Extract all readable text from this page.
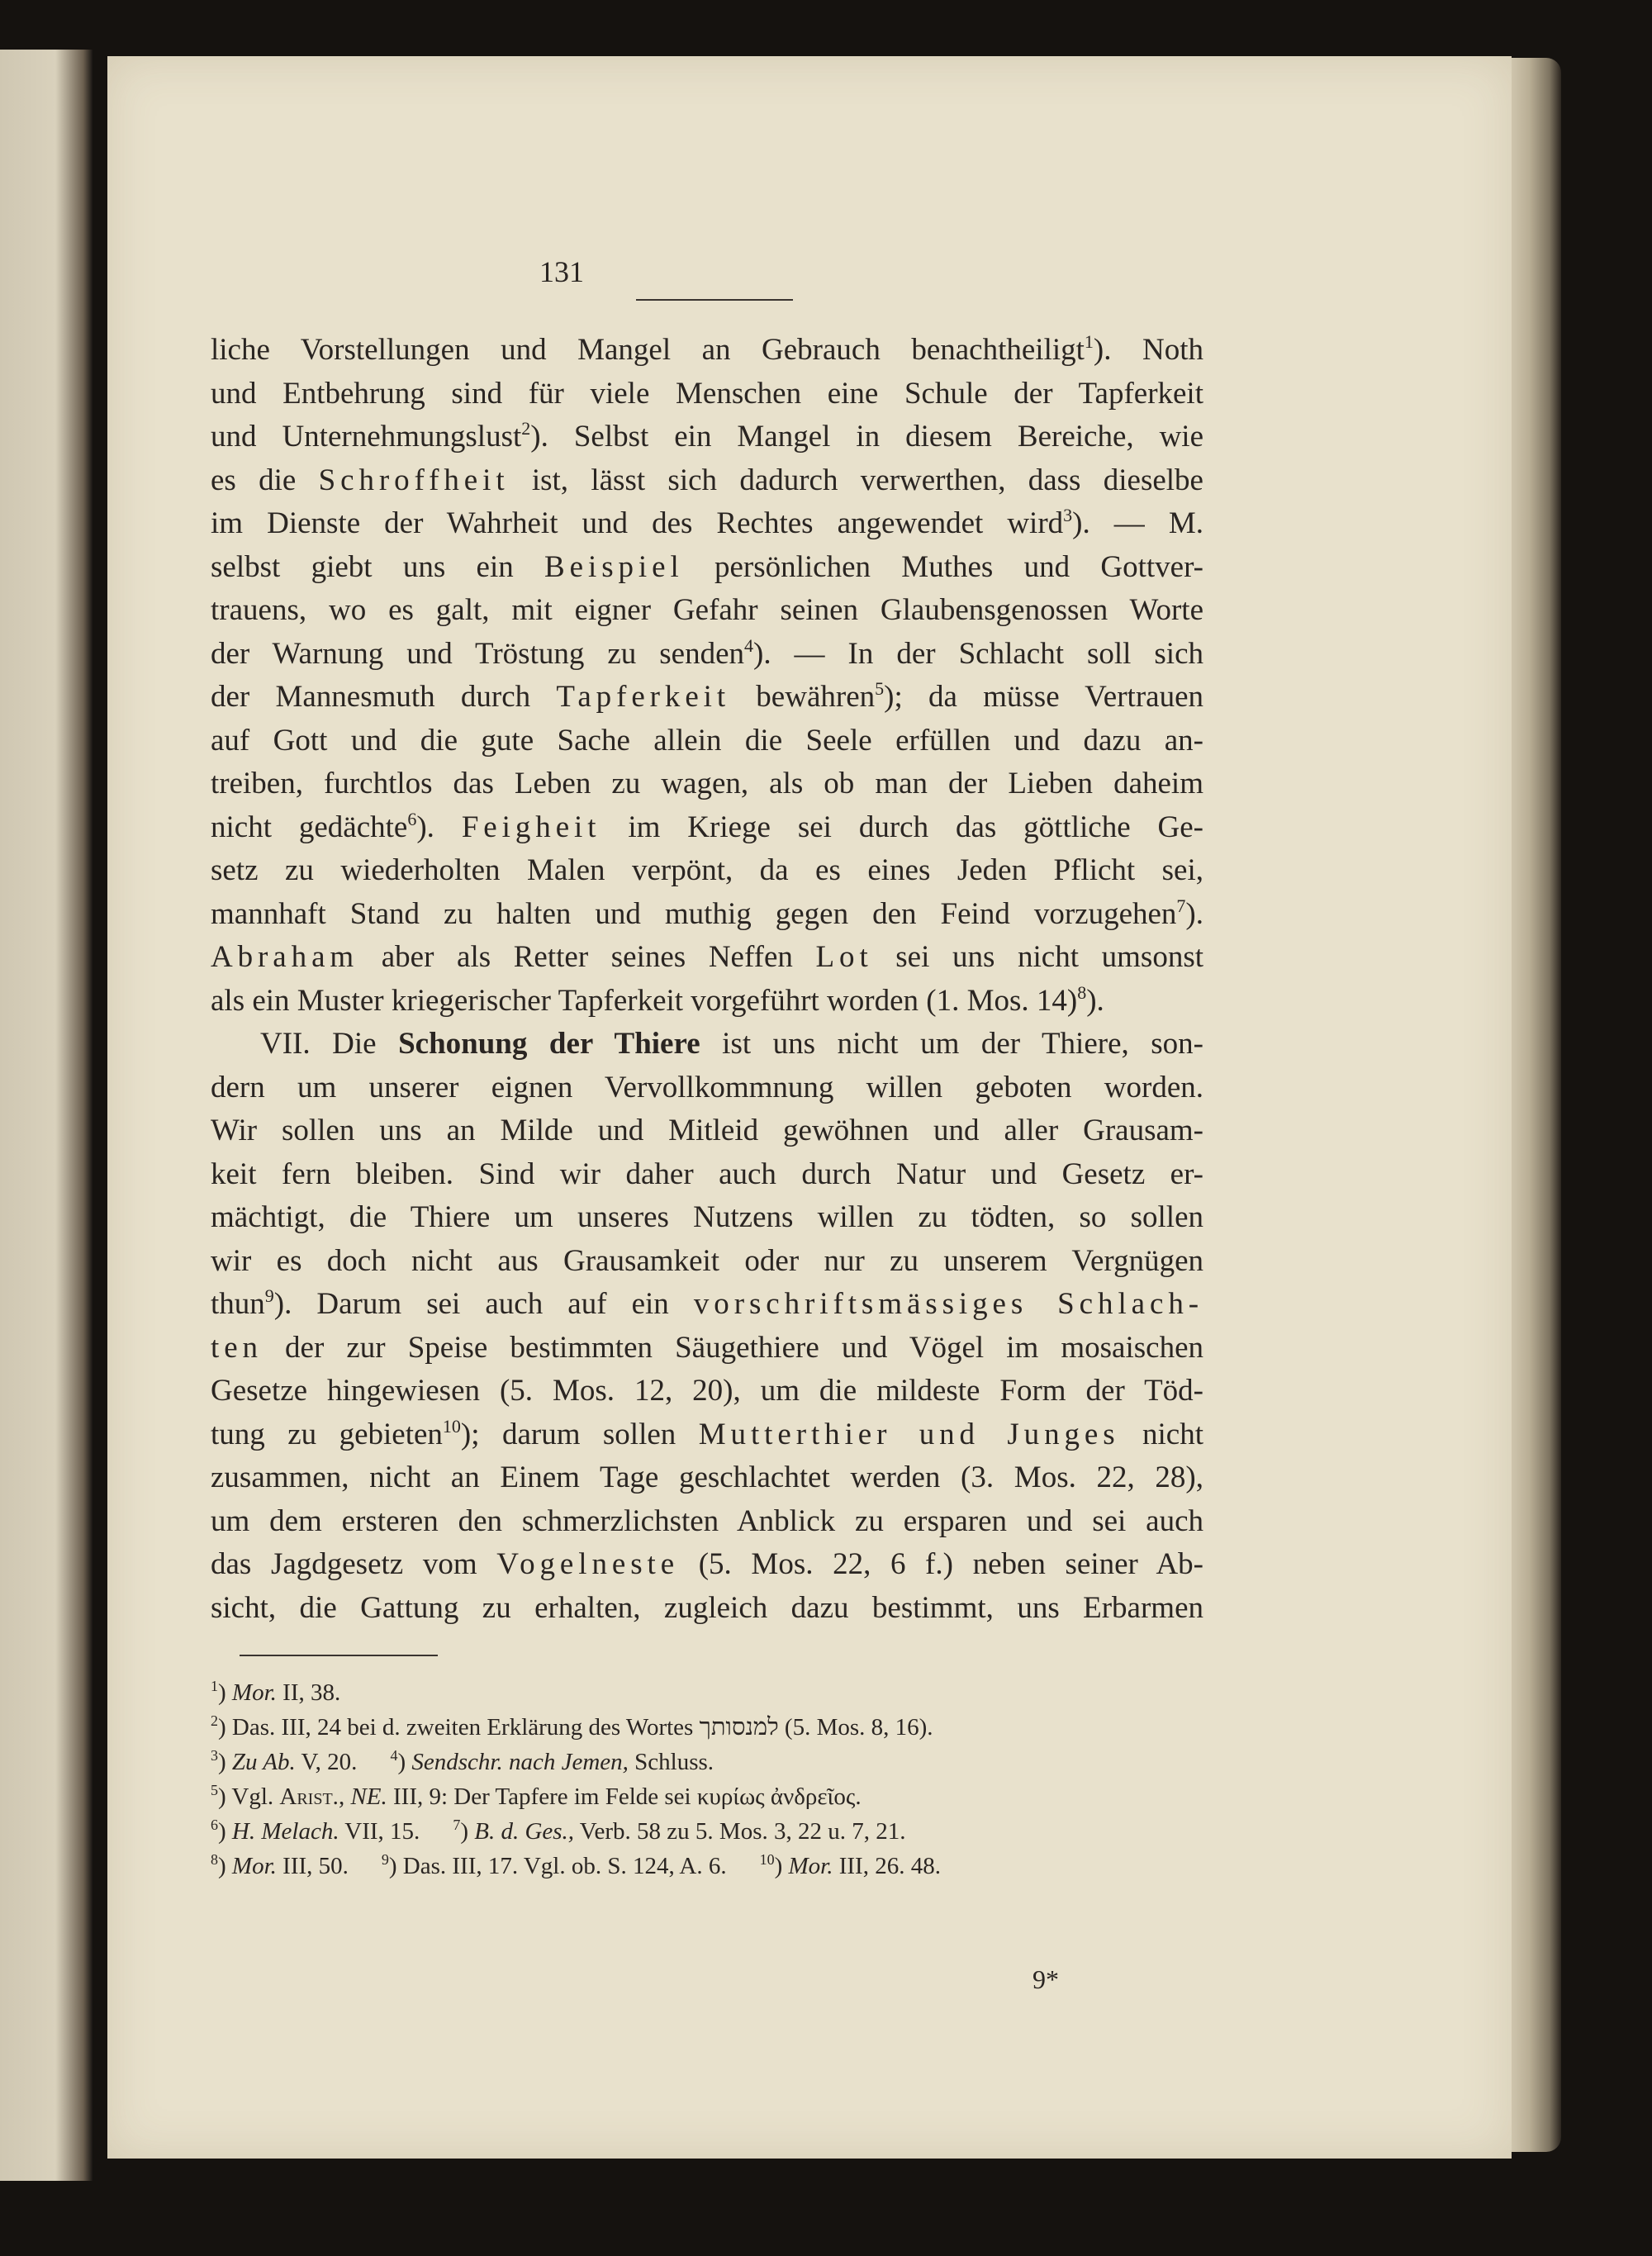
131
liche Vorstellungen und Mangel an Gebrauch benachtheiligt$^1$). Noth
und Entbehrung sind für viele Menschen eine Schule der Tapferkeit
und Unternehmungslust$^2$). Selbst ein Mangel in diesem Bereiche, wie
es die Schroffheit ist, lässt sich dadurch verwerthen, dass dieselbe
im Dienste der Wahrheit und des Rechtes angewendet wird$^3$). — M.
selbst giebt uns ein Beispiel persönlichen Muthes und Gottver-
trauens, wo es galt, mit eigner Gefahr seinen Glaubensgenossen Worte
der Warnung und Tröstung zu senden$^4$). — In der Schlacht soll sich
der Mannesmuth durch Tapferkeit bewähren$^5$); da müsse Vertrauen
auf Gott und die gute Sache allein die Seele erfüllen und dazu an-
treiben, furchtlos das Leben zu wagen, als ob man der Lieben daheim
nicht gedächte$^6$). Feigheit im Kriege sei durch das göttliche Ge-
setz zu wiederholten Malen verpönt, da es eines Jeden Pflicht sei,
mannhaft Stand zu halten und muthig gegen den Feind vorzugehen$^7$).
Abraham aber als Retter seines Neffen Lot sei uns nicht umsonst
als ein Muster kriegerischer Tapferkeit vorgeführt worden (1. Mos. 14)$^8$).
VII. Die Schonung der Thiere ist uns nicht um der Thiere, son-
dern um unserer eignen Vervollkommnung willen geboten worden.
Wir sollen uns an Milde und Mitleid gewöhnen und aller Grausam-
keit fern bleiben. Sind wir daher auch durch Natur und Gesetz er-
mächtigt, die Thiere um unseres Nutzens willen zu tödten, so sollen
wir es doch nicht aus Grausamkeit oder nur zu unserem Vergnügen
thun$^9$). Darum sei auch auf ein vorschriftsmässiges Schlach-
ten der zur Speise bestimmten Säugethiere und Vögel im mosaischen
Gesetze hingewiesen (5. Mos. 12, 20), um die mildeste Form der Töd-
tung zu gebieten$^{10}$); darum sollen Mutterthier und Junges nicht
zusammen, nicht an Einem Tage geschlachtet werden (3. Mos. 22, 28),
um dem ersteren den schmerzlichsten Anblick zu ersparen und sei auch
das Jagdgesetz vom Vogelneste (5. Mos. 22, 6 f.) neben seiner Ab-
sicht, die Gattung zu erhalten, zugleich dazu bestimmt, uns Erbarmen
$^1$) Mor. II, 38.
$^2$) Das. III, 24 bei d. zweiten Erklärung des Wortes למנסותך (5. Mos. 8, 16).
$^3$) Zu Ab. V, 20. $^4$) Sendschr. nach Jemen, Schluss.
$^5$) Vgl. Arist., NE. III, 9: Der Tapfere im Felde sei κυρίως ἀνδρεῖος.
$^6$) H. Melach. VII, 15. $^7$) B. d. Ges., Verb. 58 zu 5. Mos. 3, 22 u. 7, 21.
$^8$) Mor. III, 50. $^9$) Das. III, 17. Vgl. ob. S. 124, A. 6. $^{10}$) Mor. III, 26. 48.
9*
